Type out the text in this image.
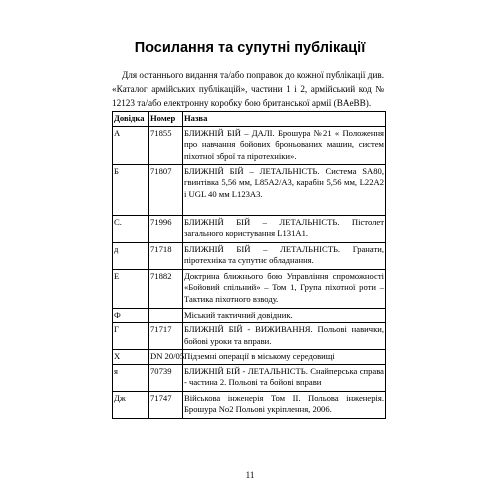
Посилання та супутні публікації

Для останнього видання та/або поправок до кожної публікації див. «Каталог армійських публікацій», частини 1 і 2, армійський код № 12123 та/або електронну коробку бою британської армії (BAeBB).

Довідка	Номер	Назва
А	71855	БЛИЖНІЙ БІЙ – ДАЛІ. Брошура №21 « Положення про навчання бойових броньованих машин, систем піхотної зброї та піротехніки».
Б	71807	БЛИЖНІЙ БІЙ – ЛЕТАЛЬНІСТЬ. Система SA80, гвинтівка 5,56 мм, L85A2/A3, карабін 5,56 мм, L22A2 і UGL 40 мм L123A3.
С.	71996	БЛИЖНІЙ БІЙ – ЛЕТАЛЬНІСТЬ. Пістолет загального користування L131A1.
д	71718	БЛИЖНІЙ БІЙ – ЛЕТАЛЬНІСТЬ. Гранати, піротехніка та супутнє обладнання.
Е	71882	Доктрина ближнього бою Управління спроможності «Бойовий спільний» – Том 1, Група піхотної роти – Тактика піхотного взводу.
Ф		Міський тактичний довідник.
Г	71717	БЛИЖНІЙ БІЙ - ВИЖИВАННЯ. Польові навички, бойові уроки та вправи.
Х	DN 20/05	Підземні операції в міському середовищі
я	70739	БЛИЖНІЙ БІЙ - ЛЕТАЛЬНІСТЬ. Снайперська справа - частина 2. Польові та бойові вправи
Дж	71747	Військова інженерія Том II. Польова інженерія. Брошура No2 Польові укріплення, 2006.
11
